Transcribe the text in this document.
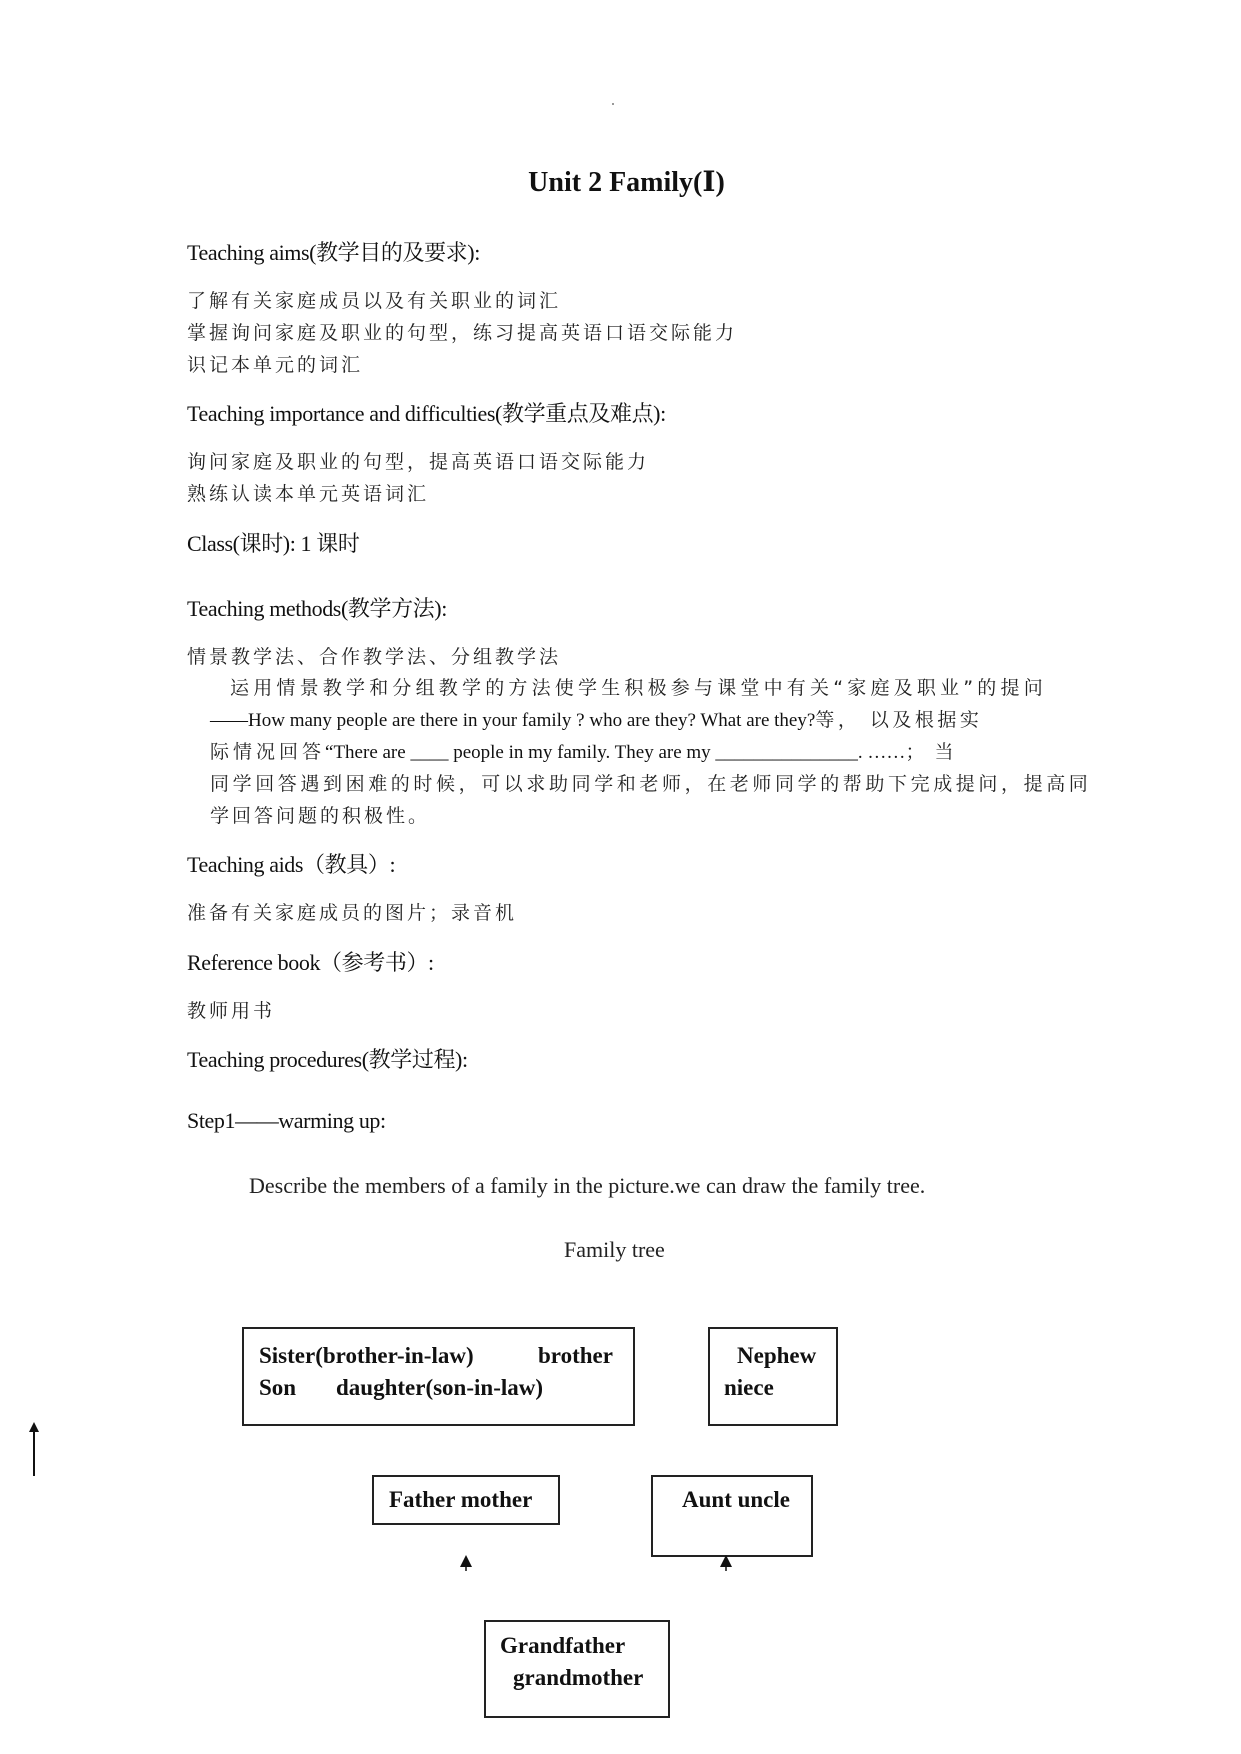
Unit 2 Family(Ⅰ)
Teaching aims(教学目的及要求):
了解有关家庭成员以及有关职业的词汇
掌握询问家庭及职业的句型，练习提高英语口语交际能力
识记本单元的词汇
Teaching importance and difficulties(教学重点及难点):
询问家庭及职业的句型，提高英语口语交际能力
熟练认读本单元英语词汇
Class(课时): 1 课时
Teaching methods(教学方法):
情景教学法、合作教学法、分组教学法
运用情景教学和分组教学的方法使学生积极参与课堂中有关“家庭及职业”的提问
——How many people are there in your family ? who are they? What are they?等， 以及根据实
际情况回答“There are ____ people in my family. They are my _______________. ……；当
同学回答遇到困难的时候，可以求助同学和老师，在老师同学的帮助下完成提问，提高同
学回答问题的积极性。
Teaching aids（教具）:
准备有关家庭成员的图片；录音机
Reference book（参考书）:
教师用书
Teaching procedures(教学过程):
Step1——warming up:
Describe the members of a family in the picture.we can draw the family tree.
Family tree
Sister(brother-in-law)	brother
Son daughter(son-in-law)
Nephew
niece
Father mother	Aunt uncle
Grandfather
grandmother
